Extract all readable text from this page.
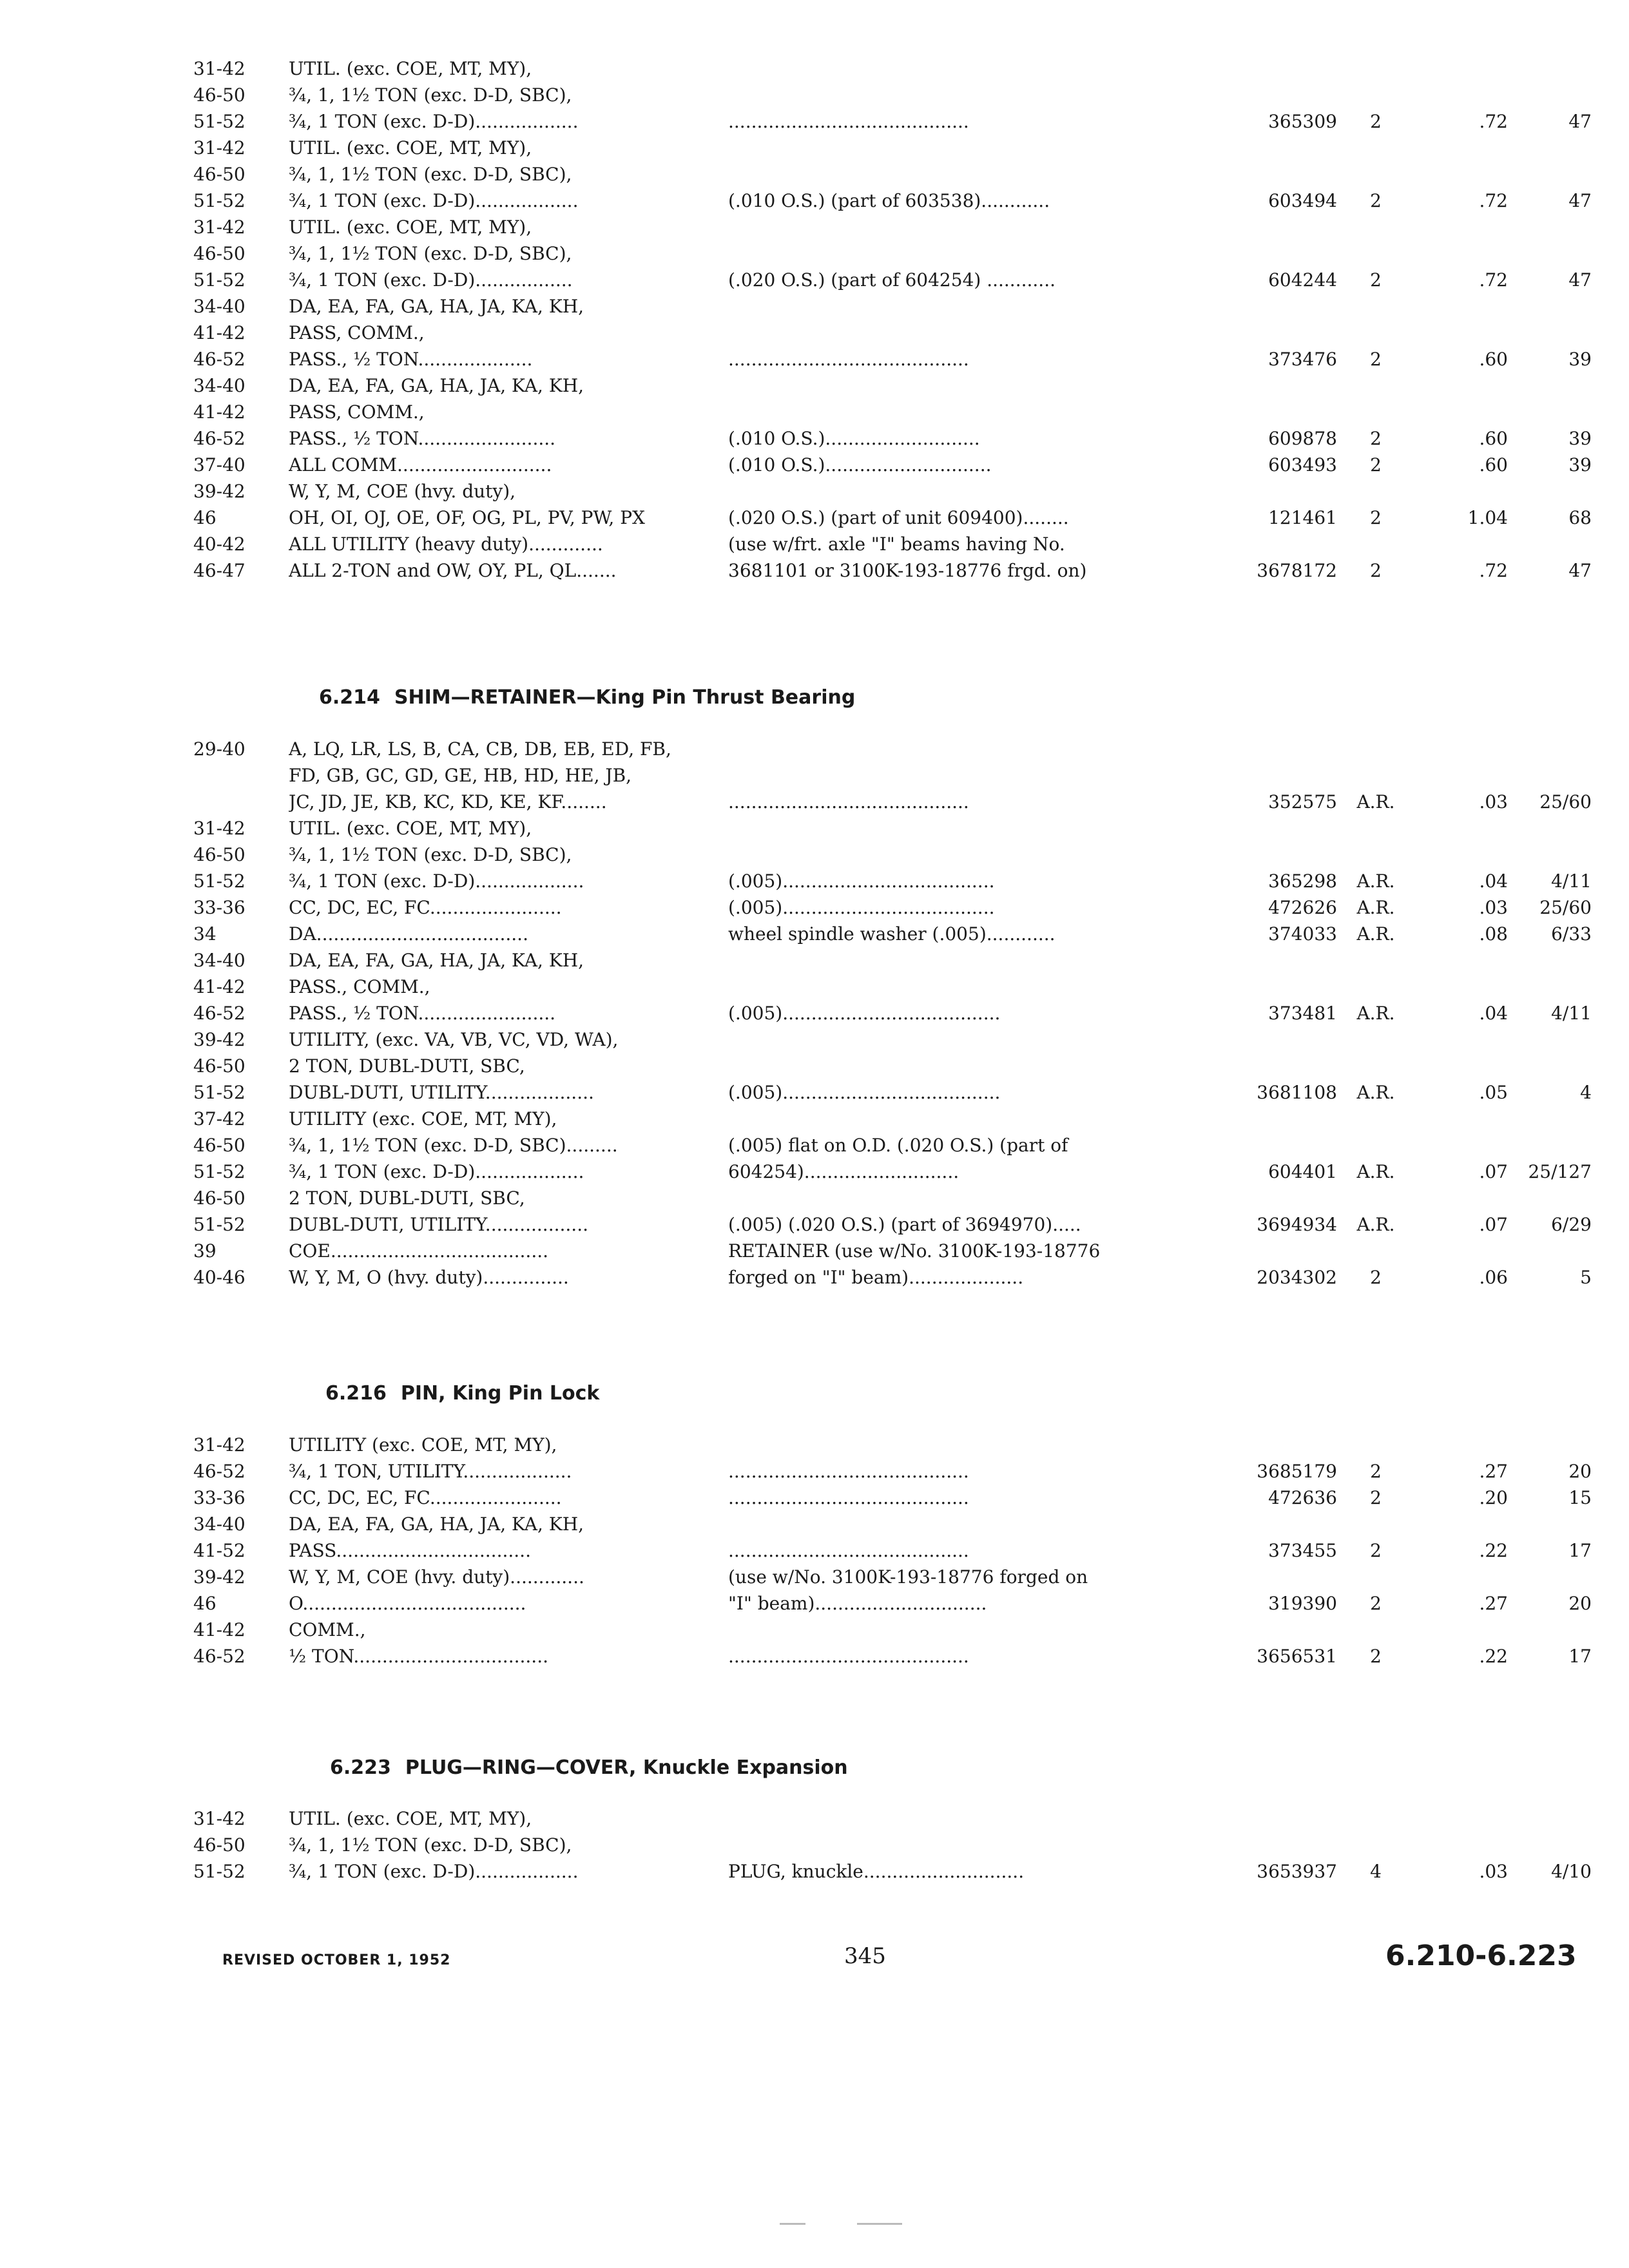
31-42 UTIL. (exc. COE, MT, MY),
46-50 ¾, 1, 1½ TON (exc. D-D, SBC),
51-52 ¾, 1 TON (exc. D-D)..................	..........................................	365309	2	.72	47
31-42 UTIL. (exc. COE, MT, MY),
46-50 ¾, 1, 1½ TON (exc. D-D, SBC),
51-52 ¾, 1 TON (exc. D-D)..................	(.010 O.S.) (part of 603538)............	603494	2	.72	47
31-42 UTIL. (exc. COE, MT, MY),
46-50 ¾, 1, 1½ TON (exc. D-D, SBC),
51-52 ¾, 1 TON (exc. D-D).................	(.020 O.S.) (part of 604254) ............	604244	2	.72	47
34-40 DA, EA, FA, GA, HA, JA, KA, KH,
41-42 PASS, COMM.,
46-52 PASS., ½ TON....................	..........................................	373476	2	.60	39
34-40 DA, EA, FA, GA, HA, JA, KA, KH,
41-42 PASS, COMM.,
46-52 PASS., ½ TON........................	(.010 O.S.)...........................	609878	2	.60	39
37-40 ALL COMM...........................	(.010 O.S.).............................	603493	2	.60	39
39-42 W, Y, M, COE (hvy. duty),
46	OH, OI, OJ, OE, OF, OG, PL, PV, PW, PX	(.020 O.S.) (part of unit 609400)........	121461	2	1.04	68
40-42 ALL UTILITY (heavy duty).............	(use w/frt. axle "I" beams having No.
46-47 ALL 2-TON and OW, OY, PL, QL.......	3681101 or 3100K-193-18776 frgd. on)	3678172	2	.72	47
6.214 SHIM—RETAINER—King Pin Thrust Bearing
29-40 A, LQ, LR, LS, B, CA, CB, DB, EB, ED, FB,
FD, GB, GC, GD, GE, HB, HD, HE, JB,
JC, JD, JE, KB, KC, KD, KE, KF........	..........................................	352575	A.R.	.03	25/60
31-42 UTIL. (exc. COE, MT, MY),
46-50 ¾, 1, 1½ TON (exc. D-D, SBC),
51-52 ¾, 1 TON (exc. D-D)...................	(.005).....................................	365298	A.R.	.04	4/11
33-36 CC, DC, EC, FC.......................	(.005).....................................	472626	A.R.	.03	25/60
34	DA.....................................	wheel spindle washer (.005)............	374033	A.R.	.08	6/33
34-40 DA, EA, FA, GA, HA, JA, KA, KH,
41-42 PASS., COMM.,
46-52 PASS., ½ TON........................	(.005)......................................	373481	A.R.	.04	4/11
39-42 UTILITY, (exc. VA, VB, VC, VD, WA),
46-50 2 TON, DUBL-DUTI, SBC,
51-52 DUBL-DUTI, UTILITY...................	(.005)......................................	3681108	A.R.	.05	4
37-42 UTILITY (exc. COE, MT, MY),
46-50 ¾, 1, 1½ TON (exc. D-D, SBC).........	(.005) flat on O.D. (.020 O.S.) (part of
51-52 ¾, 1 TON (exc. D-D)...................	604254)...........................	604401	A.R.	.07	25/127
46-50 2 TON, DUBL-DUTI, SBC,
51-52 DUBL-DUTI, UTILITY..................	(.005) (.020 O.S.) (part of 3694970).....	3694934	A.R.	.07	6/29
39	COE......................................	RETAINER (use w/No. 3100K-193-18776
40-46 W, Y, M, O (hvy. duty)...............	forged on "I" beam)....................	2034302	2	.06	5
6.216 PIN, King Pin Lock
31-42 UTILITY (exc. COE, MT, MY),
46-52 ¾, 1 TON, UTILITY...................	..........................................	3685179	2	.27	20
33-36 CC, DC, EC, FC.......................	..........................................	472636	2	.20	15
34-40 DA, EA, FA, GA, HA, JA, KA, KH,
41-52 PASS..................................	..........................................	373455	2	.22	17
39-42 W, Y, M, COE (hvy. duty).............	(use w/No. 3100K-193-18776 forged on
46	O.......................................	"I" beam)..............................	319390	2	.27	20
41-42 COMM.,
46-52 ½ TON..................................	..........................................	3656531	2	.22	17
6.223 PLUG—RING—COVER, Knuckle Expansion
31-42 UTIL. (exc. COE, MT, MY),
46-50 ¾, 1, 1½ TON (exc. D-D, SBC),
51-52 ¾, 1 TON (exc. D-D)..................	PLUG, knuckle............................	3653937	4	.03	4/10
REVISED OCTOBER 1, 1952	345	6.210-6.223
